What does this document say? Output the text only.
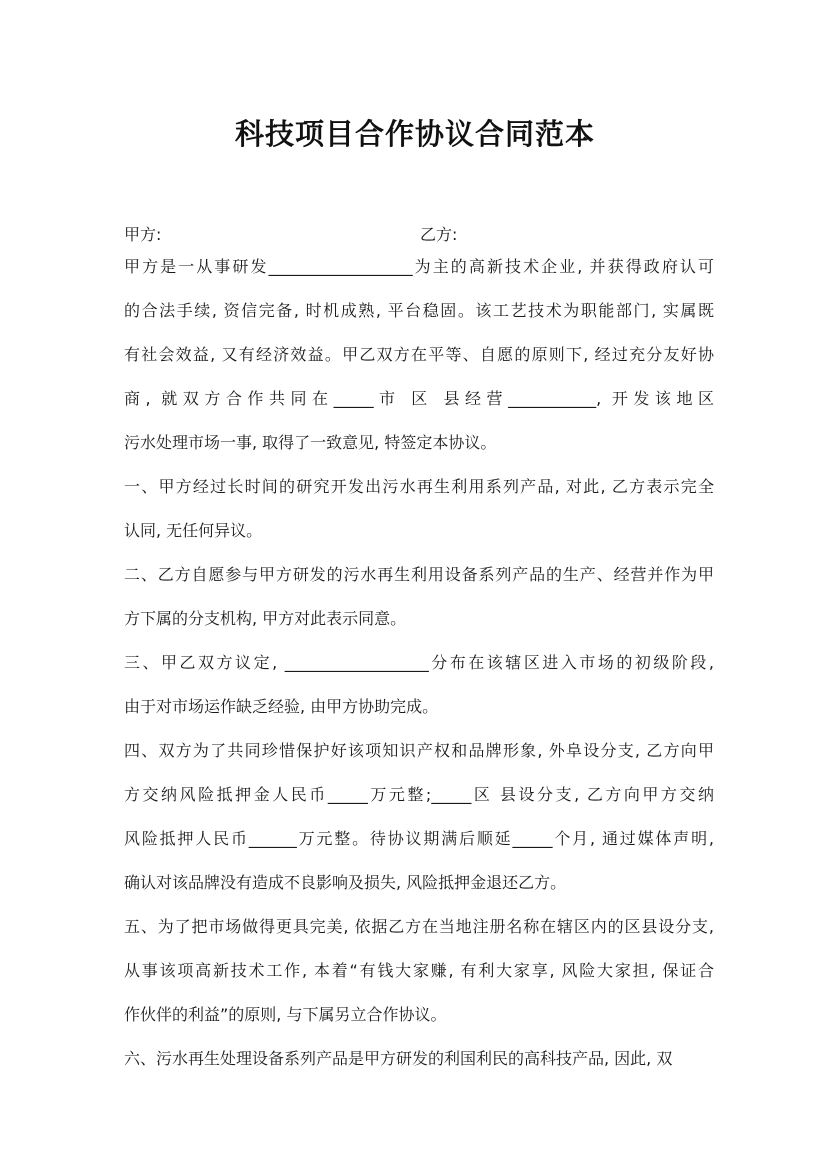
科技项目合作协议合同范本
甲方:	乙方:
甲方是一从事研发__________________为主的高新技术企业, 并获得政府认可
的合法手续, 资信完备, 时机成熟, 平台稳固。该工艺技术为职能部门, 实属既
有社会效益, 又有经济效益。甲乙双方在平等、自愿的原则下, 经过充分友好协
商, 就双方合作共同在_____市 区 县经营___________, 开发该地区
污水处理市场一事, 取得了一致意见, 特签定本协议。
一、甲方经过长时间的研究开发出污水再生利用系列产品, 对此, 乙方表示完全
认同, 无任何异议。
二、乙方自愿参与甲方研发的污水再生利用设备系列产品的生产、经营并作为甲
方下属的分支机构, 甲方对此表示同意。
三、甲乙双方议定, __________________分布在该辖区进入市场的初级阶段,
由于对市场运作缺乏经验, 由甲方协助完成。
四、双方为了共同珍惜保护好该项知识产权和品牌形象, 外阜设分支, 乙方向甲
方交纳风险抵押金人民币_____万元整;_____区 县设分支, 乙方向甲方交纳
风险抵押人民币______万元整。待协议期满后顺延_____个月, 通过媒体声明,
确认对该品牌没有造成不良影响及损失, 风险抵押金退还乙方。
五、为了把市场做得更具完美, 依据乙方在当地注册名称在辖区内的区县设分支,
从事该项高新技术工作, 本着“有钱大家赚, 有利大家享, 风险大家担, 保证合
作伙伴的利益”的原则, 与下属另立合作协议。
六、污水再生处理设备系列产品是甲方研发的利国利民的高科技产品, 因此, 双
